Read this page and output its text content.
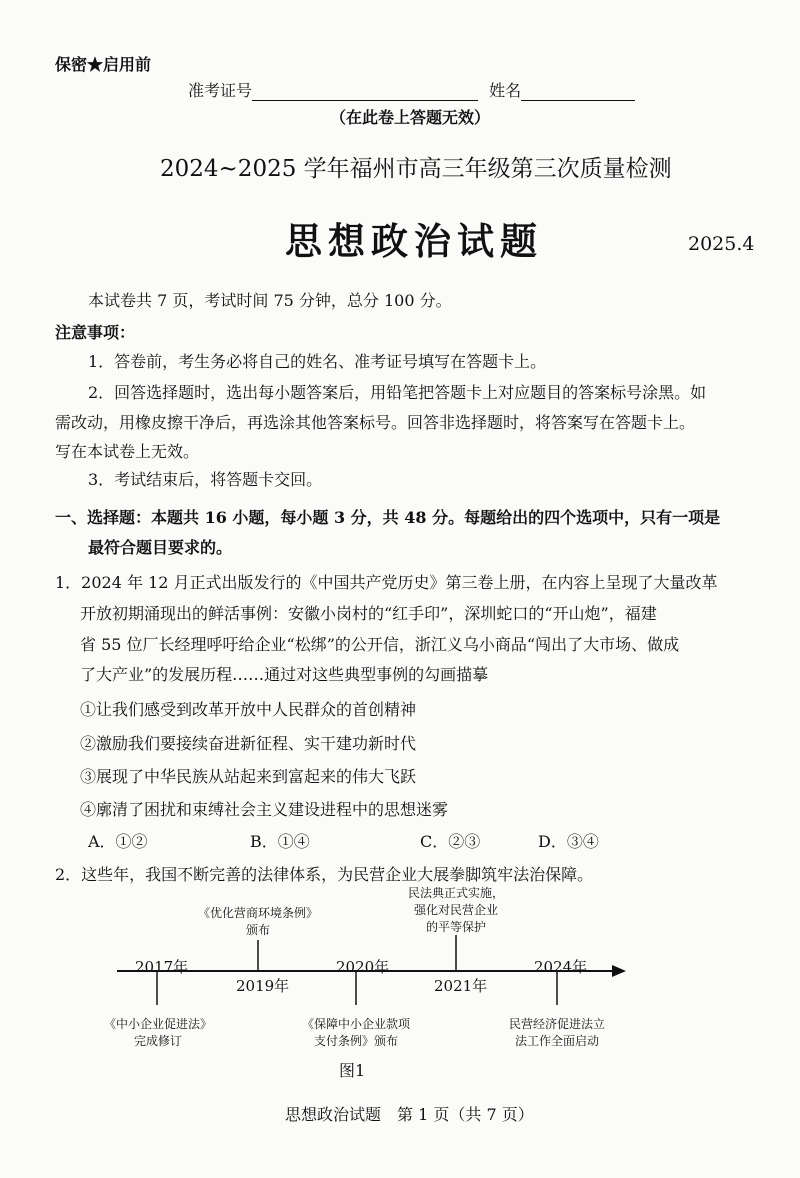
保密★启用前
准考证号	姓名
（在此卷上答题无效）
2024~2025 学年福州市高三年级第三次质量检测
思想政治试题	2025.4
本试卷共 7 页，考试时间 75 分钟，总分 100 分。
注意事项：
1．答卷前，考生务必将自己的姓名、准考证号填写在答题卡上。
2．回答选择题时，选出每小题答案后，用铅笔把答题卡上对应题目的答案标号涂黑。如
需改动，用橡皮擦干净后，再选涂其他答案标号。回答非选择题时，将答案写在答题卡上。
写在本试卷上无效。
3．考试结束后，将答题卡交回。
一、选择题：本题共 16 小题，每小题 3 分，共 48 分。每题给出的四个选项中，只有一项是
最符合题目要求的。
1．2024 年 12 月正式出版发行的《中国共产党历史》第三卷上册，在内容上呈现了大量改革
开放初期涌现出的鲜活事例：安徽小岗村的“红手印”，深圳蛇口的“开山炮”，福建
省 55 位厂长经理呼吁给企业“松绑”的公开信，浙江义乌小商品“闯出了大市场、做成
了大产业”的发展历程……通过对这些典型事例的勾画描摹
①让我们感受到改革开放中人民群众的首创精神
②激励我们要接续奋进新征程、实干建功新时代
③展现了中华民族从站起来到富起来的伟大飞跃
④廓清了困扰和束缚社会主义建设进程中的思想迷雾
A．①②	B．①④	C．②③	D．③④
2．这些年，我国不断完善的法律体系，为民营企业大展拳脚筑牢法治保障。
2017年
2019年
2020年
2021年
2024年
《中小企业促进法》
完成修订
《优化营商环境条例》
颁布
《保障中小企业款项
支付条例》颁布
民法典正式实施，
强化对民营企业
的平等保护
民营经济促进法立
法工作全面启动
图1
思想政治试题　第 1 页（共 7 页）
